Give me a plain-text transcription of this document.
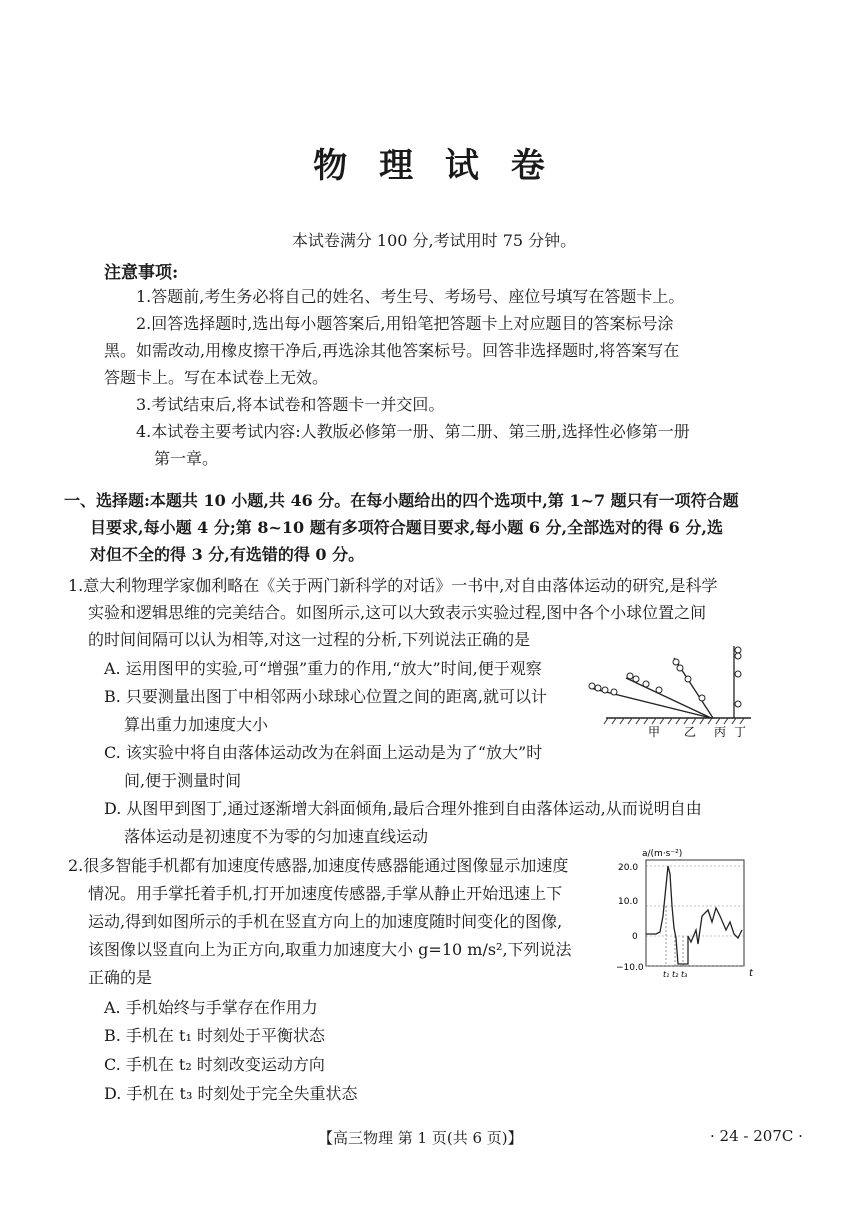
物 理 试 卷
本试卷满分 100 分,考试用时 75 分钟。
注意事项:
1.答题前,考生务必将自己的姓名、考生号、考场号、座位号填写在答题卡上。
2.回答选择题时,选出每小题答案后,用铅笔把答题卡上对应题目的答案标号涂
黑。如需改动,用橡皮擦干净后,再选涂其他答案标号。回答非选择题时,将答案写在
答题卡上。写在本试卷上无效。
3.考试结束后,将本试卷和答题卡一并交回。
4.本试卷主要考试内容:人教版必修第一册、第二册、第三册,选择性必修第一册
第一章。
一、选择题:本题共 10 小题,共 46 分。在每小题给出的四个选项中,第 1~7 题只有一项符合题
目要求,每小题 4 分;第 8~10 题有多项符合题目要求,每小题 6 分,全部选对的得 6 分,选
对但不全的得 3 分,有选错的得 0 分。
1.意大利物理学家伽利略在《关于两门新科学的对话》一书中,对自由落体运动的研究,是科学
实验和逻辑思维的完美结合。如图所示,这可以大致表示实验过程,图中各个小球位置之间
的时间间隔可以认为相等,对这一过程的分析,下列说法正确的是
A. 运用图甲的实验,可“增强”重力的作用,“放大”时间,便于观察
B. 只要测量出图丁中相邻两小球球心位置之间的距离,就可以计
算出重力加速度大小
C. 该实验中将自由落体运动改为在斜面上运动是为了“放大”时
间,便于测量时间
D. 从图甲到图丁,通过逐渐增大斜面倾角,最后合理外推到自由落体运动,从而说明自由
落体运动是初速度不为零的匀加速直线运动
甲 乙 丙 丁
2.很多智能手机都有加速度传感器,加速度传感器能通过图像显示加速度
情况。用手掌托着手机,打开加速度传感器,手掌从静止开始迅速上下
运动,得到如图所示的手机在竖直方向上的加速度随时间变化的图像,
该图像以竖直向上为正方向,取重力加速度大小 g=10 m/s²,下列说法
正确的是
A. 手机始终与手掌存在作用力
B. 手机在 t₁ 时刻处于平衡状态
C. 手机在 t₂ 时刻改变运动方向
D. 手机在 t₃ 时刻处于完全失重状态
a/(m·s⁻²)
20.0
10.0
0
−10.0	t
t₁ t₂ t₃
【高三物理 第 1 页(共 6 页)】	· 24 - 207C ·
